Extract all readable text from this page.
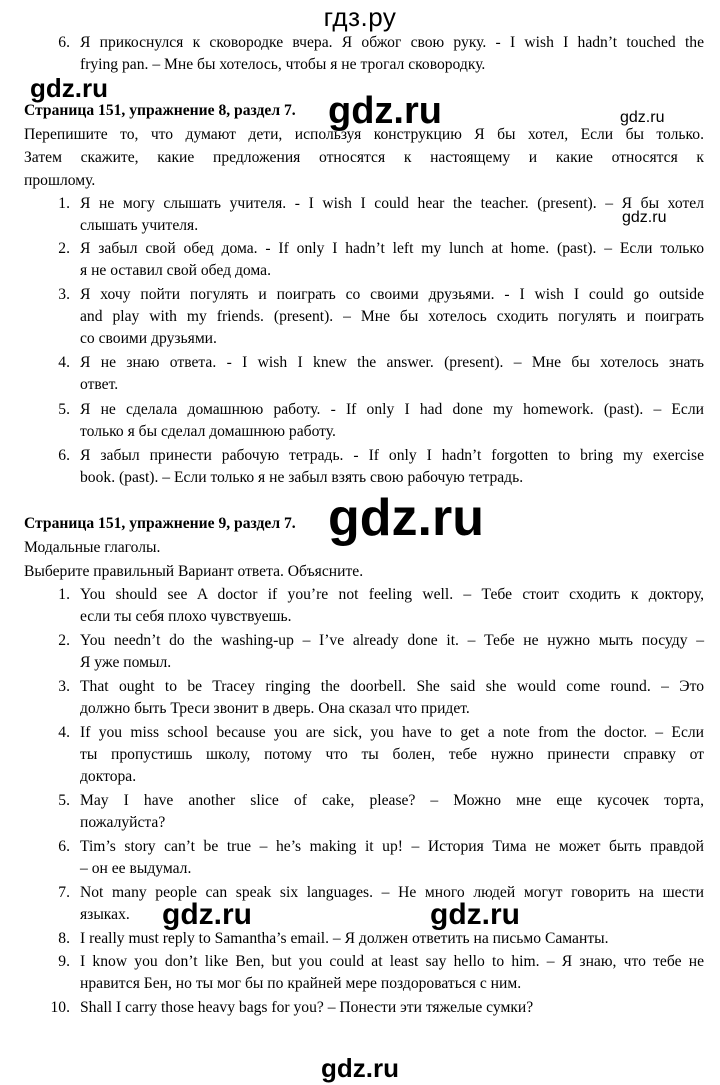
гдз.ру
6. Я прикоснулся к сковородке вчера. Я обжог свою руку. - I wish I hadn’t touched the
frying pan. – Мне бы хотелось, чтобы я не трогал сковородку.
gdz.ru
gdz.ru	gdz.ru
gdz.ru
Страница 151, упражнение 8, раздел 7.
Перепишите то, что думают дети, используя конструкцию Я бы хотел, Если бы только.
Затем скажите, какие предложения относятся к настоящему и какие относятся к
прошлому.
1. Я не могу слышать учителя. - I wish I could hear the teacher. (present). – Я бы хотел
слышать учителя.
2. Я забыл свой обед дома. - If only I hadn’t left my lunch at home. (past). – Если только
я не оставил свой обед дома.
3. Я хочу пойти погулять и поиграть со своими друзьями. - I wish I could go outside
and play with my friends. (present). – Мне бы хотелось сходить погулять и поиграть
со своими друзьями.
4. Я не знаю ответа. - I wish I knew the answer. (present). – Мне бы хотелось знать
ответ.
5. Я не сделала домашнюю работу. - If only I had done my homework. (past). – Если
только я бы сделал домашнюю работу.
6. Я забыл принести рабочую тетрадь. - If only I hadn’t forgotten to bring my exercise
book. (past). – Если только я не забыл взять свою рабочую тетрадь.
Страница 151, упражнение 9, раздел 7. gdz.ru
Модальные глаголы.
Выберите правильный Вариант ответа. Объясните.
1. You should see A doctor if you’re not feeling well. – Тебе стоит сходить к доктору,
если ты себя плохо чувствуешь.
2. You needn’t do the washing-up – I’ve already done it. – Тебе не нужно мыть посуду –
Я уже помыл.
3. That ought to be Tracey ringing the doorbell. She said she would come round. – Это
должно быть Треси звонит в дверь. Она сказал что придет.
4. If you miss school because you are sick, you have to get a note from the doctor. – Если
ты пропустишь школу, потому что ты болен, тебе нужно принести справку от
доктора.
5. May I have another slice of cake, please? – Можно мне еще кусочек торта,
пожалуйста?
6. Tim’s story can’t be true – he’s making it up! – История Тима не может быть правдой
– он ее выдумал.
7. Not many people can speak six languages. – Не много людей могут говорить на шести
языках.	gdz.ru	gdz.ru
8. I really must reply to Samantha’s email. – Я должен ответить на письмо Саманты.
9. I know you don’t like Ben, but you could at least say hello to him. – Я знаю, что тебе не
нравится Бен, но ты мог бы по крайней мере поздороваться с ним.
10. Shall I carry those heavy bags for you? – Понести эти тяжелые сумки?
gdz.ru
